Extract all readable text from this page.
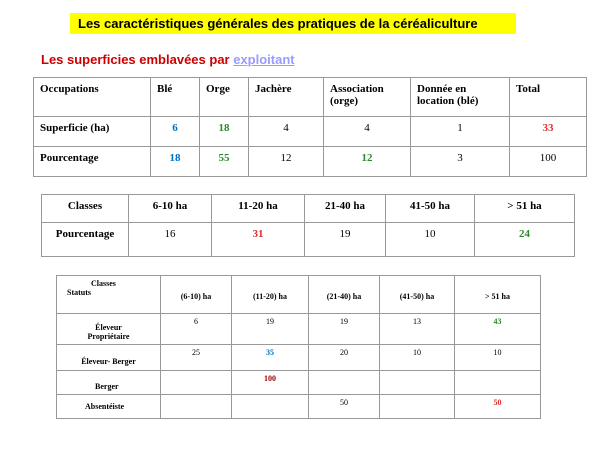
Les caractéristiques générales des pratiques de la céréaliculture
Les superficies emblavées par exploitant
Occupations	Blé	Orge	Jachère	Association (orge)	Donnée en location (blé)	Total
Superficie (ha)	6	18	4	4	1	33
Pourcentage	18	55	12	12	3	100
Classes	6-10 ha	11-20 ha	21-40 ha	41-50 ha	> 51 ha
Pourcentage	16	31	19	10	24
Classes
Statuts	(6-10) ha	(11-20) ha	(21-40) ha	(41-50) ha	> 51 ha

Éleveur
Propriétaire	6	19	19	13	43
Éleveur- Berger	25	35	20	10	10
Berger		100			
Absentéiste			50		50
